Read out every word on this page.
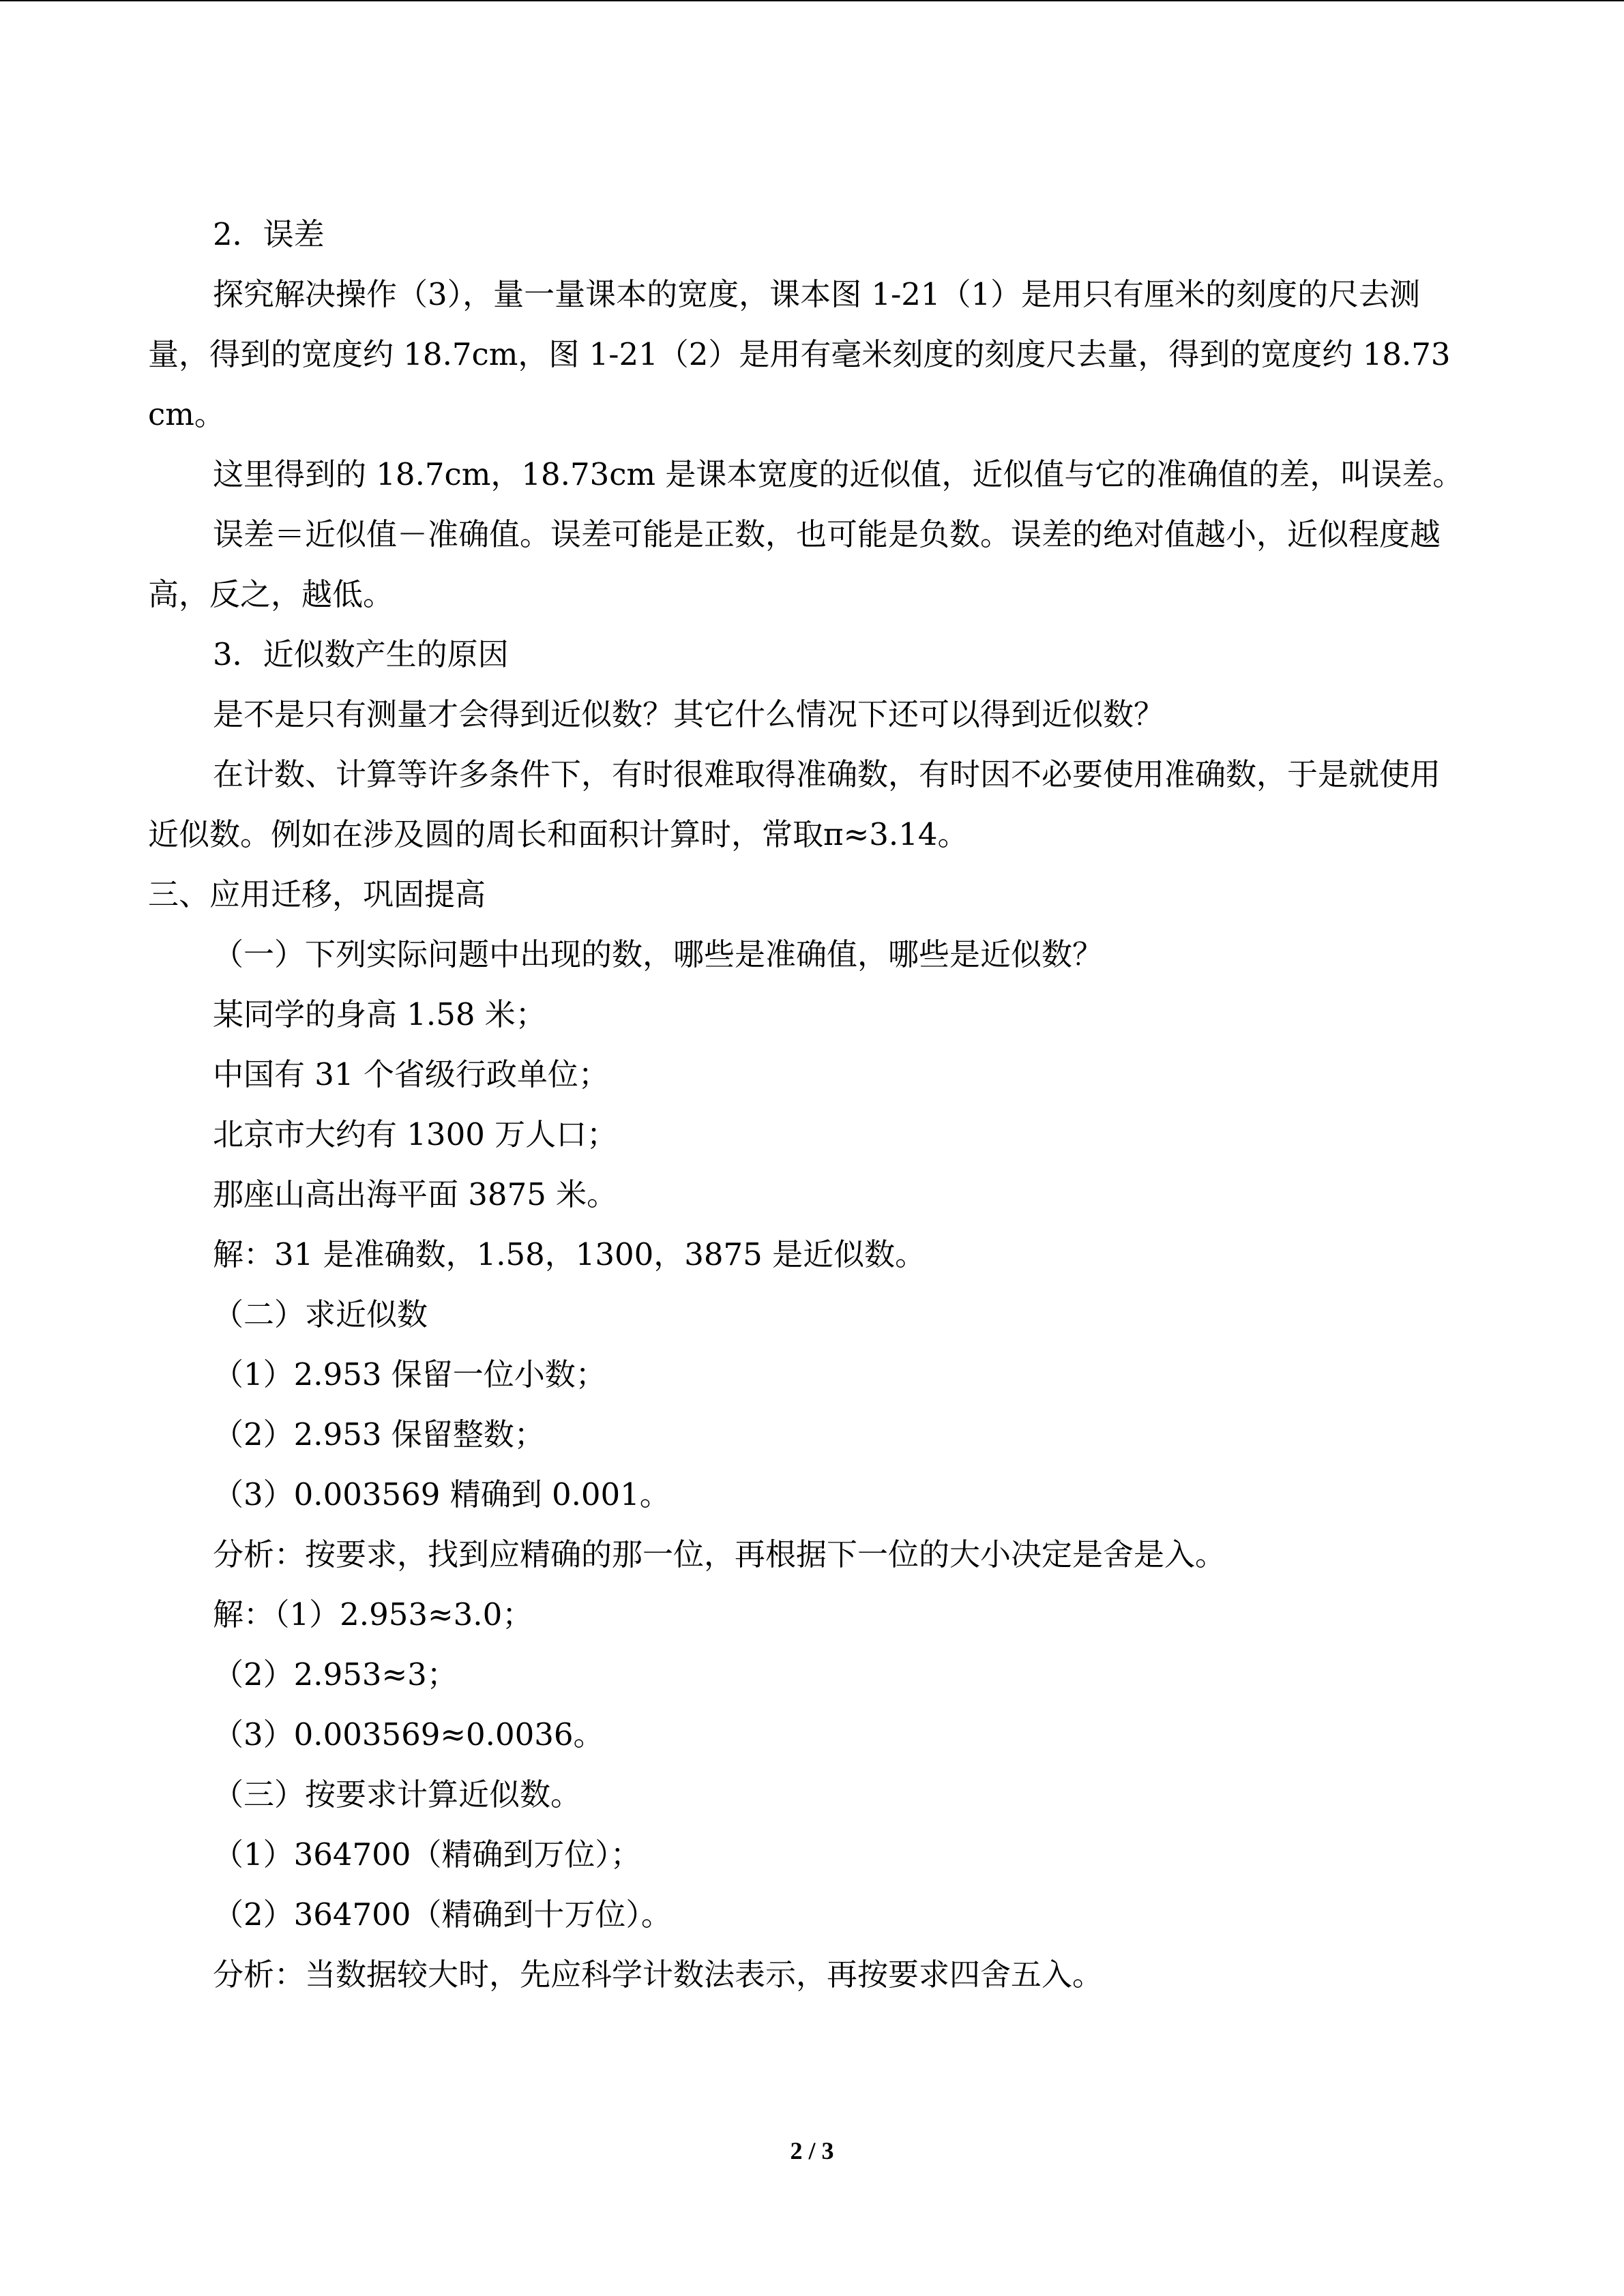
2．误差

探究解决操作（3），量一量课本的宽度，课本图 1-21（1）是用只有厘米的刻度的尺去测量，得到的宽度约 18.7cm，图 1-21（2）是用有毫米刻度的刻度尺去量，得到的宽度约 18.73cm。

这里得到的 18.7cm，18.73cm 是课本宽度的近似值，近似值与它的准确值的差，叫误差。

误差＝近似值－准确值。误差可能是正数，也可能是负数。误差的绝对值越小，近似程度越高，反之，越低。

3．近似数产生的原因

是不是只有测量才会得到近似数？其它什么情况下还可以得到近似数？

在计数、计算等许多条件下，有时很难取得准确数，有时因不必要使用准确数，于是就使用近似数。例如在涉及圆的周长和面积计算时，常取π≈3.14。

三、应用迁移，巩固提高

（一）下列实际问题中出现的数，哪些是准确值，哪些是近似数？

某同学的身高 1.58 米；

中国有 31 个省级行政单位；

北京市大约有 1300 万人口；

那座山高出海平面 3875 米。

解：31 是准确数，1.58，1300，3875 是近似数。

（二）求近似数

（1）2.953 保留一位小数；

（2）2.953 保留整数；

（3）0.003569 精确到 0.001。

分析：按要求，找到应精确的那一位，再根据下一位的大小决定是舍是入。

解：（1）2.953≈3.0；

（2）2.953≈3；

（3）0.003569≈0.0036。

（三）按要求计算近似数。

（1）364700（精确到万位）；

（2）364700（精确到十万位）。

分析：当数据较大时，先应科学计数法表示，再按要求四舍五入。

2 / 3
